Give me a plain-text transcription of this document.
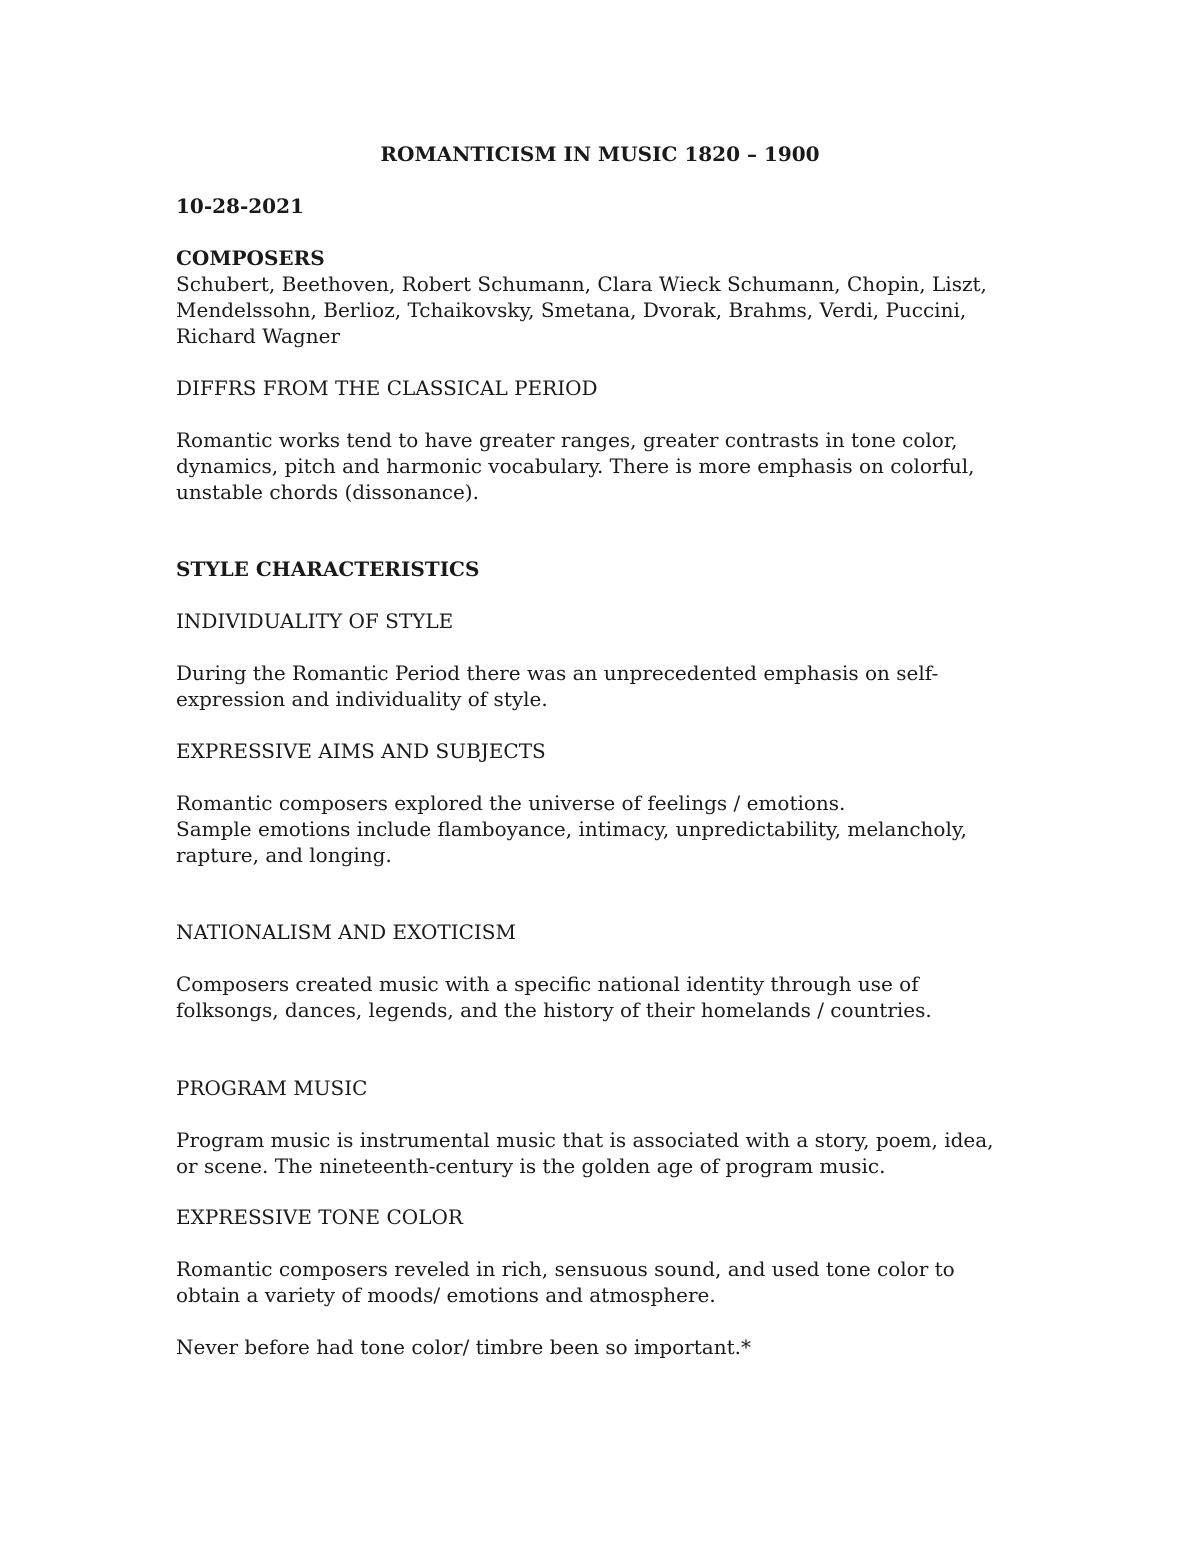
ROMANTICISM IN MUSIC 1820 – 1900
10-28-2021
COMPOSERS
Schubert, Beethoven, Robert Schumann, Clara Wieck Schumann, Chopin, Liszt,
Mendelssohn, Berlioz, Tchaikovsky, Smetana, Dvorak, Brahms, Verdi, Puccini,
Richard Wagner
DIFFRS FROM THE CLASSICAL PERIOD
Romantic works tend to have greater ranges, greater contrasts in tone color,
dynamics, pitch and harmonic vocabulary. There is more emphasis on colorful,
unstable chords (dissonance).
STYLE CHARACTERISTICS
INDIVIDUALITY OF STYLE
During the Romantic Period there was an unprecedented emphasis on self-
expression and individuality of style.
EXPRESSIVE AIMS AND SUBJECTS
Romantic composers explored the universe of feelings / emotions.
Sample emotions include flamboyance, intimacy, unpredictability, melancholy,
rapture, and longing.
NATIONALISM AND EXOTICISM
Composers created music with a specific national identity through use of
folksongs, dances, legends, and the history of their homelands / countries.
PROGRAM MUSIC
Program music is instrumental music that is associated with a story, poem, idea,
or scene. The nineteenth-century is the golden age of program music.
EXPRESSIVE TONE COLOR
Romantic composers reveled in rich, sensuous sound, and used tone color to
obtain a variety of moods/ emotions and atmosphere.
Never before had tone color/ timbre been so important.*
